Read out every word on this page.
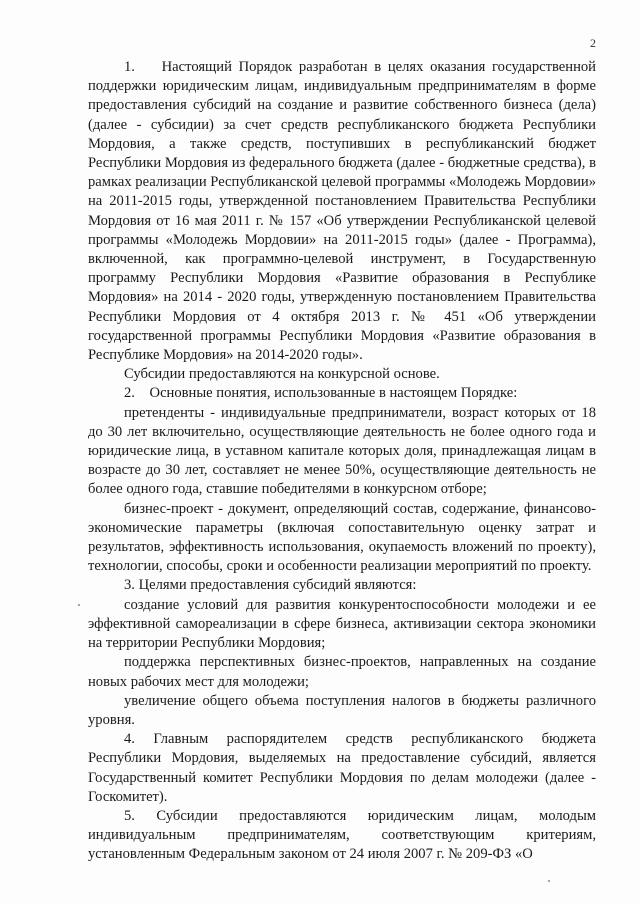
2

1.    Настоящий Порядок разработан в целях оказания государственной поддержки юридическим лицам, индивидуальным предпринимателям в форме предоставления субсидий на создание и развитие собственного бизнеса (дела) (далее - субсидии) за счет средств республиканского бюджета Республики Мордовия, а также средств, поступивших в республиканский бюджет Республики Мордовия из федерального бюджета (далее - бюджетные средства), в рамках реализации Республиканской целевой программы «Молодежь Мордовии» на 2011-2015 годы, утвержденной постановлением Правительства Республики Мордовия от 16 мая 2011 г. № 157 «Об утверждении Республиканской целевой программы «Молодежь Мордовии» на 2011-2015 годы» (далее - Программа), включенной, как программно-целевой инструмент, в Государственную программу Республики Мордовия «Развитие образования в Республике Мордовия» на 2014 - 2020 годы, утвержденную постановлением Правительства Республики Мордовия от 4 октября 2013 г. № 451 «Об утверждении государственной программы Республики Мордовия «Развитие образования в Республике Мордовия» на 2014-2020 годы».

Субсидии предоставляются на конкурсной основе.

2.    Основные понятия, использованные в настоящем Порядке:

претенденты - индивидуальные предприниматели, возраст которых от 18 до 30 лет включительно, осуществляющие деятельность не более одного года и юридические лица, в уставном капитале которых доля, принадлежащая лицам в возрасте до 30 лет, составляет не менее 50%, осуществляющие деятельность не более одного года, ставшие победителями в конкурсном отборе;

бизнес-проект - документ, определяющий состав, содержание, финансово-экономические параметры (включая сопоставительную оценку затрат и результатов, эффективность использования, окупаемость вложений по проекту), технологии, способы, сроки и особенности реализации мероприятий по проекту.

3. Целями предоставления субсидий являются:

создание условий для развития конкурентоспособности молодежи и ее эффективной самореализации в сфере бизнеса, активизации сектора экономики на территории Республики Мордовия;

поддержка перспективных бизнес-проектов, направленных на создание новых рабочих мест для молодежи;

увеличение общего объема поступления налогов в бюджеты различного уровня.

4. Главным распорядителем средств республиканского бюджета Республики Мордовия, выделяемых на предоставление субсидий, является Государственный комитет Республики Мордовия по делам молодежи (далее - Госкомитет).

5. Субсидии предоставляются юридическим лицам, молодым индивидуальным предпринимателям, соответствующим критериям, установленным Федеральным законом от 24 июля 2007 г. № 209-ФЗ «О
